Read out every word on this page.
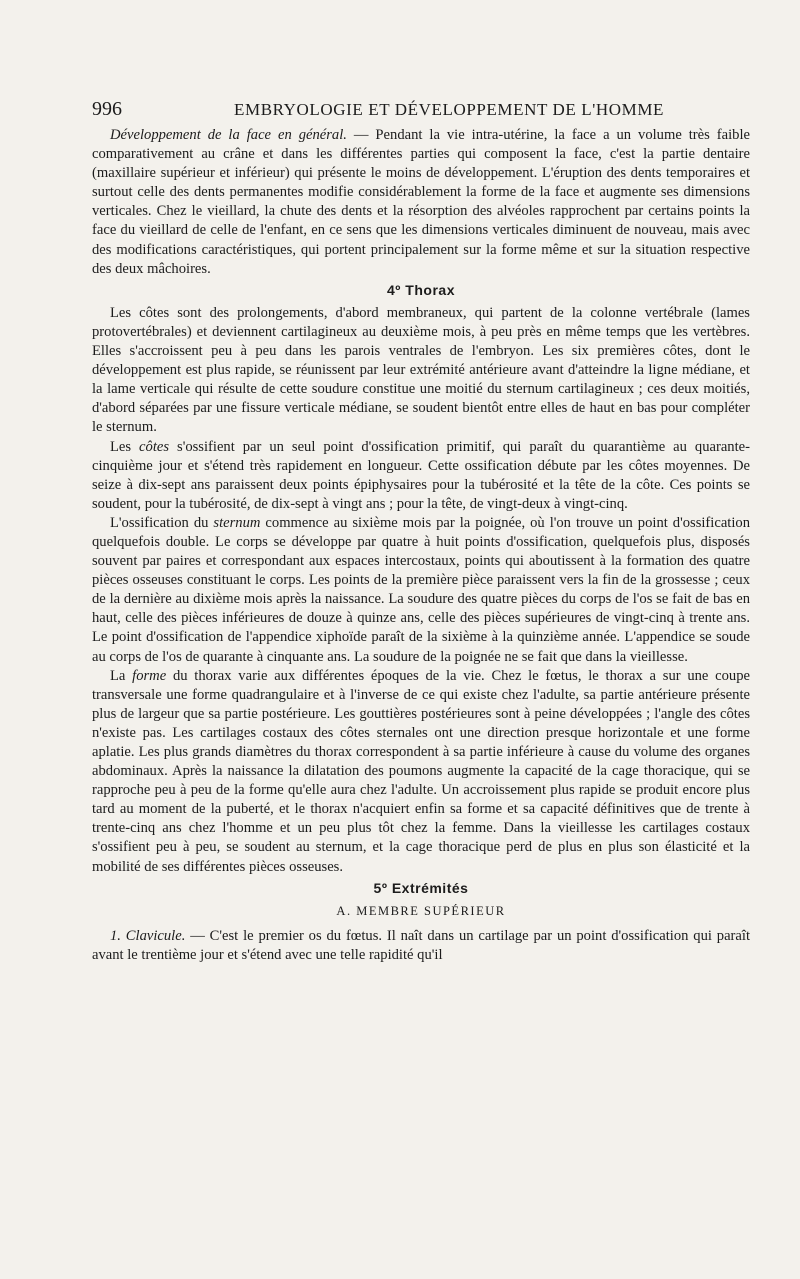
996	EMBRYOLOGIE ET DÉVELOPPEMENT DE L'HOMME

Développement de la face en général. — Pendant la vie intra-utérine, la face a un volume très faible comparativement au crâne et dans les différentes parties qui composent la face, c'est la partie dentaire (maxillaire supérieur et inférieur) qui présente le moins de développement. L'éruption des dents temporaires et surtout celle des dents permanentes modifie considérablement la forme de la face et augmente ses dimensions verticales. Chez le vieillard, la chute des dents et la résorption des alvéoles rapprochent par certains points la face du vieillard de celle de l'enfant, en ce sens que les dimensions verticales diminuent de nouveau, mais avec des modifications caractéristiques, qui portent principalement sur la forme même et sur la situation respective des deux mâchoires.

4º Thorax

Les côtes sont des prolongements, d'abord membraneux, qui partent de la colonne vertébrale (lames protovertébrales) et deviennent cartilagineux au deuxième mois, à peu près en même temps que les vertèbres. Elles s'accroissent peu à peu dans les parois ventrales de l'embryon. Les six premières côtes, dont le développement est plus rapide, se réunissent par leur extrémité antérieure avant d'atteindre la ligne médiane, et la lame verticale qui résulte de cette soudure constitue une moitié du sternum cartilagineux ; ces deux moitiés, d'abord séparées par une fissure verticale médiane, se soudent bientôt entre elles de haut en bas pour compléter le sternum.

Les côtes s'ossifient par un seul point d'ossification primitif, qui paraît du quarantième au quarante-cinquième jour et s'étend très rapidement en longueur. Cette ossification débute par les côtes moyennes. De seize à dix-sept ans paraissent deux points épiphysaires pour la tubérosité et la tête de la côte. Ces points se soudent, pour la tubérosité, de dix-sept à vingt ans ; pour la tête, de vingt-deux à vingt-cinq.

L'ossification du sternum commence au sixième mois par la poignée, où l'on trouve un point d'ossification quelquefois double. Le corps se développe par quatre à huit points d'ossification, quelquefois plus, disposés souvent par paires et correspondant aux espaces intercostaux, points qui aboutissent à la formation des quatre pièces osseuses constituant le corps. Les points de la première pièce paraissent vers la fin de la grossesse ; ceux de la dernière au dixième mois après la naissance. La soudure des quatre pièces du corps de l'os se fait de bas en haut, celle des pièces inférieures de douze à quinze ans, celle des pièces supérieures de vingt-cinq à trente ans. Le point d'ossification de l'appendice xiphoïde paraît de la sixième à la quinzième année. L'appendice se soude au corps de l'os de quarante à cinquante ans. La soudure de la poignée ne se fait que dans la vieillesse.

La forme du thorax varie aux différentes époques de la vie. Chez le fœtus, le thorax a sur une coupe transversale une forme quadrangulaire et à l'inverse de ce qui existe chez l'adulte, sa partie antérieure présente plus de largeur que sa partie postérieure. Les gouttières postérieures sont à peine développées ; l'angle des côtes n'existe pas. Les cartilages costaux des côtes sternales ont une direction presque horizontale et une forme aplatie. Les plus grands diamètres du thorax correspondent à sa partie inférieure à cause du volume des organes abdominaux. Après la naissance la dilatation des poumons augmente la capacité de la cage thoracique, qui se rapproche peu à peu de la forme qu'elle aura chez l'adulte. Un accroissement plus rapide se produit encore plus tard au moment de la puberté, et le thorax n'acquiert enfin sa forme et sa capacité définitives que de trente à trente-cinq ans chez l'homme et un peu plus tôt chez la femme. Dans la vieillesse les cartilages costaux s'ossifient peu à peu, se soudent au sternum, et la cage thoracique perd de plus en plus son élasticité et la mobilité de ses différentes pièces osseuses.

5º Extrémités
A. MEMBRE SUPÉRIEUR

1. Clavicule. — C'est le premier os du fœtus. Il naît dans un cartilage par un point d'ossification qui paraît avant le trentième jour et s'étend avec une telle rapidité qu'il
